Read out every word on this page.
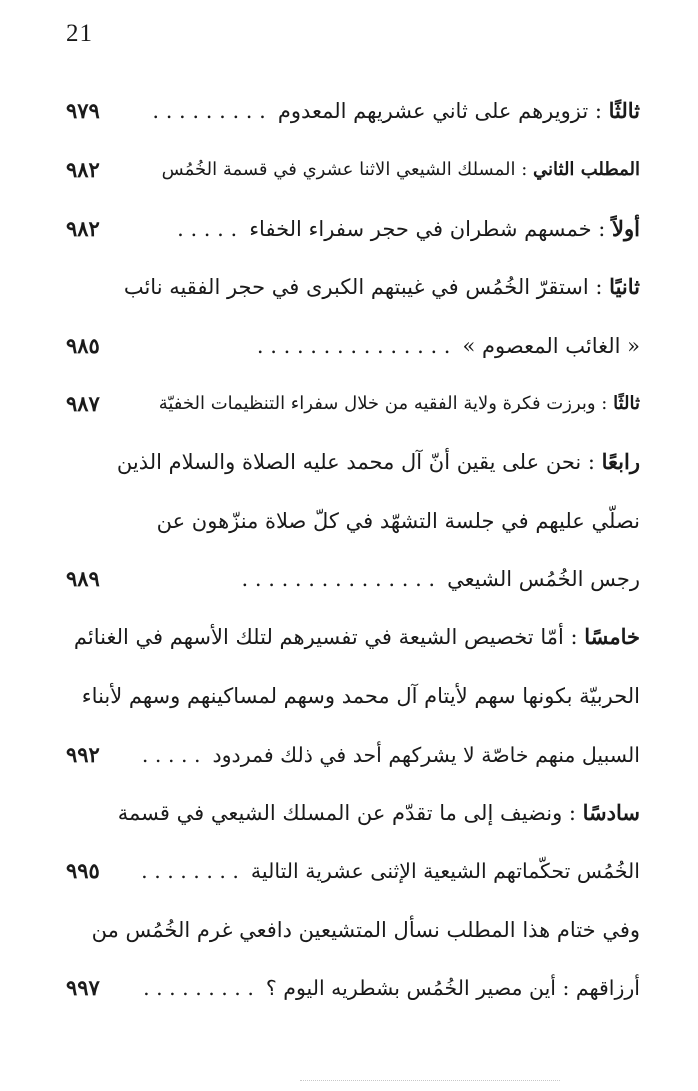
21
ثالثًا : تزويرهم على ثاني عشريهم المعدوم. . . . . . . . .
٩٧٩
المطلب الثاني : المسلك الشيعي الاثنا عشري في قسمة الخُمُس
٩٨٢
أولاً : خمسهم شطران في حجر سفراء الخفاء. . . . .
٩٨٢
ثانيًا : استقرّ الخُمُس في غيبتهم الكبرى في حجر الفقيه نائب
« الغائب المعصوم ». . . . . . . . . . . . . . .
٩٨٥
ثالثًا : وبرزت فكرة ولاية الفقيه من خلال سفراء التنظيمات الخفيّة
٩٨٧
رابعًا : نحن على يقين أنّ آل محمد عليه الصلاة والسلام الذين
نصلّي عليهم في جلسة التشهّد في كلّ صلاة منزّهون عن
رجس الخُمُس الشيعي. . . . . . . . . . . . . . .
٩٨٩
خامسًا : أمّا تخصيص الشيعة في تفسيرهم لتلك الأسهم في الغنائم
الحربيّة بكونها سهم لأيتام آل محمد وسهم لمساكينهم وسهم لأبناء
السبيل منهم خاصّة لا يشركهم أحد في ذلك فمردود. . . . .
٩٩٢
سادسًا : ونضيف إلى ما تقدّم عن المسلك الشيعي في قسمة
الخُمُس تحكّماتهم الشيعية الإثنى عشرية التالية. . . . . . . .
٩٩٥
وفي ختام هذا المطلب نسأل المتشيعين دافعي غرم الخُمُس من
أرزاقهم : أين مصير الخُمُس بشطريه اليوم ؟. . . . . . . . .
٩٩٧
